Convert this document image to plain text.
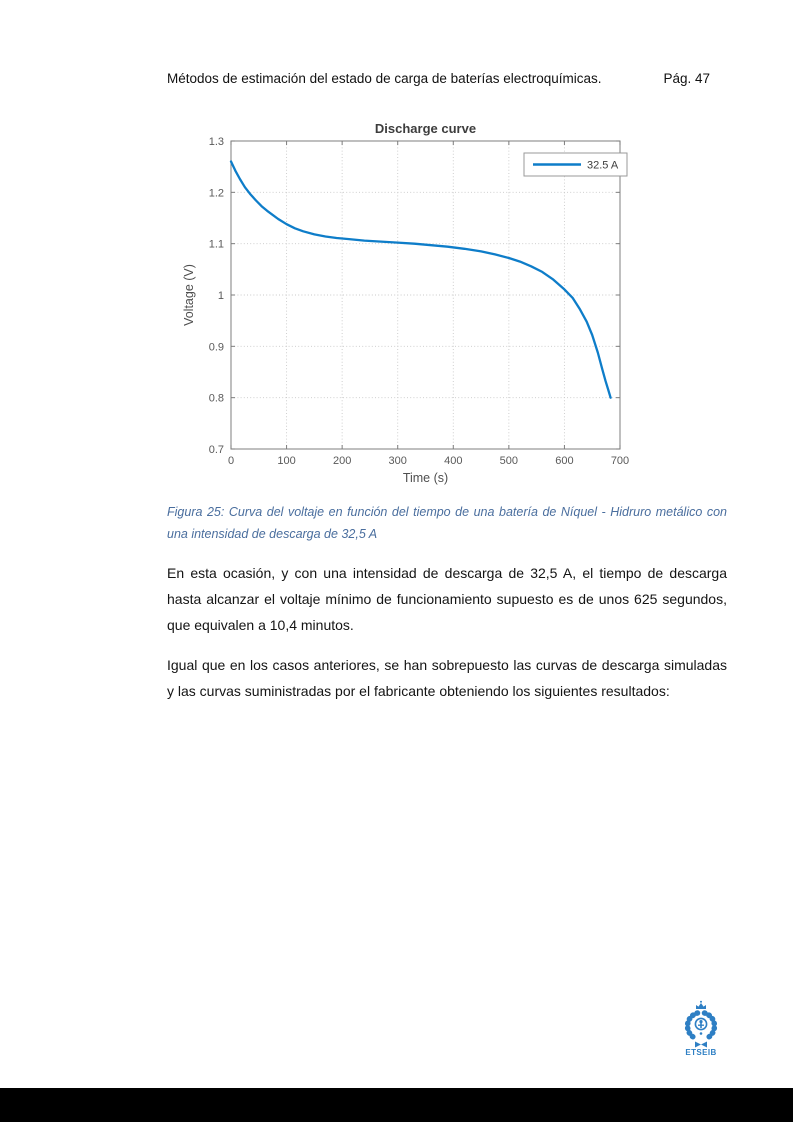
Métodos de estimación del estado de carga de baterías electroquímicas.	Pág. 47
0	100	200	300	400	500	600	700
0.7
0.8
0.9
1
1.1
1.2
1.3
Discharge curve
Time (s)
Voltage (V)
32.5 A
Figura 25: Curva del voltaje en función del tiempo de una batería de Níquel - Hidruro metálico con una intensidad de descarga de 32,5 A

En esta ocasión, y con una intensidad de descarga de 32,5 A, el tiempo de descarga hasta alcanzar el voltaje mínimo de funcionamiento supuesto es de unos 625 segundos, que equivalen a 10,4 minutos.

Igual que en los casos anteriores, se han sobrepuesto las curvas de descarga simuladas y las curvas suministradas por el fabricante obteniendo los siguientes resultados:

ETSEIB
